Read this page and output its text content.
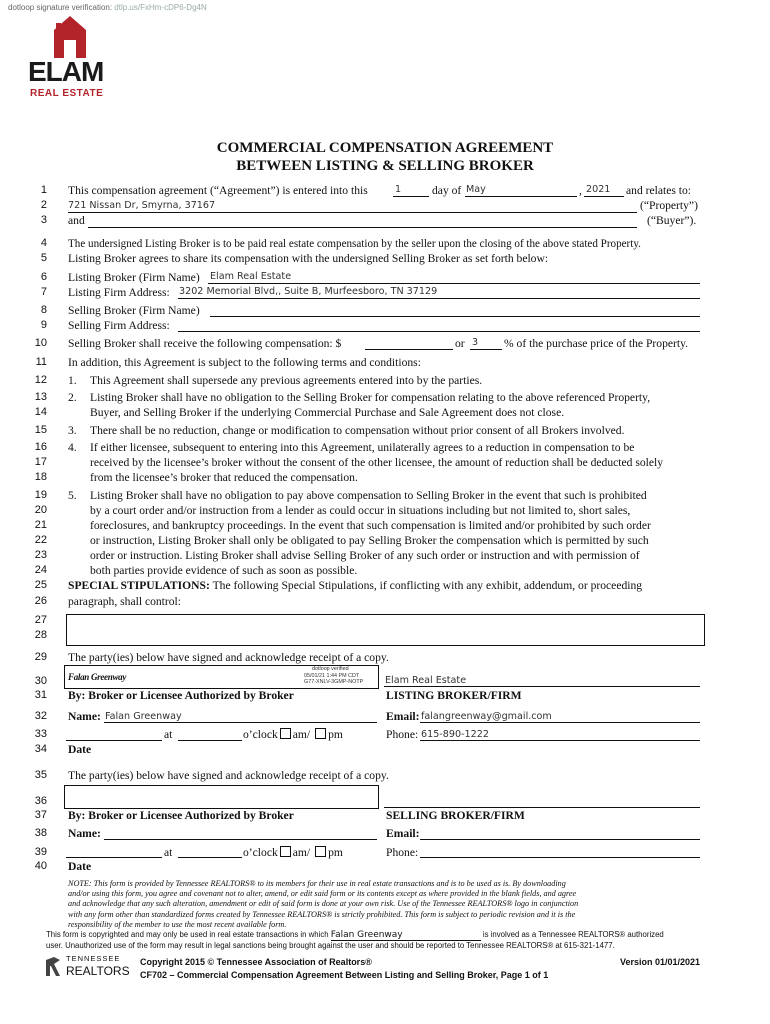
dotloop signature verification: dtlp.us/FxHm-cDP6-Dg4N
ELAM
REAL ESTATE
COMMERCIAL COMPENSATION AGREEMENT
BETWEEN LISTING & SELLING BROKER
1
2
3
4
5
6
7
8
9
10
11
12
13
14
15
16
17
18
19
20
21
22
23
24
25
26
27
28
29
30
31
32
33
34
35
36
37
38
39
40
This compensation agreement (“Agreement”) is entered into this	1	day of May	, 2021 and relates to:
721 Nissan Dr, Smyrna, 37167	(“Property”)
and	(“Buyer”).
The undersigned Listing Broker is to be paid real estate compensation by the seller upon the closing of the above stated Property.
Listing Broker agrees to share its compensation with the undersigned Selling Broker as set forth below:
Listing Broker (Firm Name) Elam Real Estate
Listing Firm Address: 3202 Memorial Blvd,, Suite B, Murfeesboro, TN 37129
Selling Broker (Firm Name)
Selling Firm Address:
Selling Broker shall receive the following compensation: $	or 3 % of the purchase price of the Property.
In addition, this Agreement is subject to the following terms and conditions:
1. This Agreement shall supersede any previous agreements entered into by the parties.
2. Listing Broker shall have no obligation to the Selling Broker for compensation relating to the above referenced Property,
Buyer, and Selling Broker if the underlying Commercial Purchase and Sale Agreement does not close.
3. There shall be no reduction, change or modification to compensation without prior consent of all Brokers involved.
4. If either licensee, subsequent to entering into this Agreement, unilaterally agrees to a reduction in compensation to be
received by the licensee’s broker without the consent of the other licensee, the amount of reduction shall be deducted solely
from the licensee’s broker that reduced the compensation.
5. Listing Broker shall have no obligation to pay above compensation to Selling Broker in the event that such is prohibited
by a court order and/or instruction from a lender as could occur in situations including but not limited to, short sales,
foreclosures, and bankruptcy proceedings. In the event that such compensation is limited and/or prohibited by such order
or instruction, Listing Broker shall only be obligated to pay Selling Broker the compensation which is permitted by such
order or instruction. Listing Broker shall advise Selling Broker of any such order or instruction and with permission of
both parties provide evidence of such as soon as possible.
SPECIAL STIPULATIONS: The following Special Stipulations, if conflicting with any exhibit, addendum, or proceeding
paragraph, shall control:
The party(ies) below have signed and acknowledge receipt of a copy.
Falan Greenway
dotloop verified
05/01/21 1:44 PM CDT
G77-XNLV-3GMP-NOTP Elam Real Estate
By: Broker or Licensee Authorized by Broker	LISTING BROKER/FIRM
Name: Falan Greenway	Email: falangreenway@gmail.com
at	o’clock am/ pm	Phone: 615-890-1222
Date
The party(ies) below have signed and acknowledge receipt of a copy.
By: Broker or Licensee Authorized by Broker	SELLING BROKER/FIRM
Name:	Email:
at	o’clock am/ pm	Phone:
Date
NOTE: This form is provided by Tennessee REALTORS® to its members for their use in real estate transactions and is to be used as is. By downloading
and/or using this form, you agree and covenant not to alter, amend, or edit said form or its contents except as where provided in the blank fields, and agree
and acknowledge that any such alteration, amendment or edit of said form is done at your own risk. Use of the Tennessee REALTORS® logo in conjunction
with any form other than standardized forms created by Tennessee REALTORS® is strictly prohibited. This form is subject to periodic revision and it is the
responsibility of the member to use the most recent available form.
This form is copyrighted and may only be used in real estate transactions in which Falan Greenway	is involved as a Tennessee REALTORS® authorized
user. Unauthorized use of the form may result in legal sanctions being brought against the user and should be reported to Tennessee REALTORS® at 615-321-1477.
TENNESSEE
REALTORS
Copyright 2015 © Tennessee Association of Realtors®	Version 01/01/2021
CF702 – Commercial Compensation Agreement Between Listing and Selling Broker, Page 1 of 1
